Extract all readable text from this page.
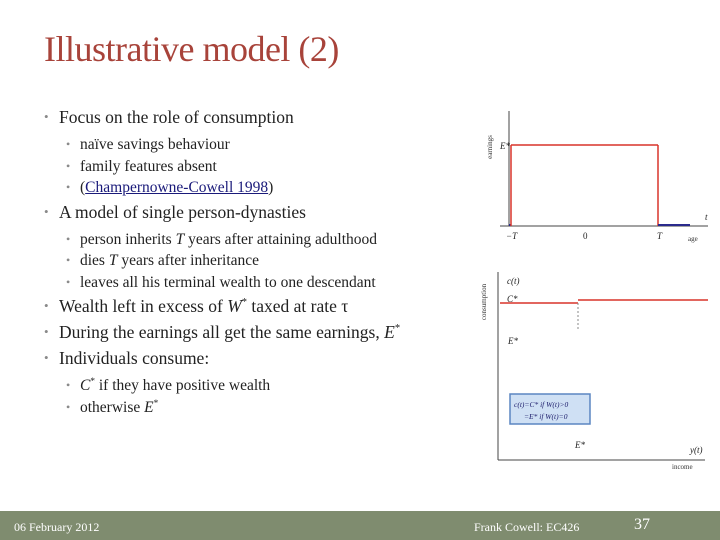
Illustrative model (2)

• Focus on the role of consumption

• naïve savings behaviour

• family features absent

• (Champernowne-Cowell 1998)

• A model of single person-dynasties

• person inherits T years after attaining adulthood

• dies T years after inheritance

• leaves all his terminal wealth to one descendant

• Wealth left in excess of W* taxed at rate τ

• During the earnings all get the same earnings, E*

• Individuals consume:

• C* if they have positive wealth

• otherwise E*

earnings E*
t
−T	0	T	age
consumption
c(t)
C*
E*
c(t)=C* if W(t)>0
=E* if W(t)=0
E*	y(t)
income
06 February 2012	Frank Cowell: EC426	37
